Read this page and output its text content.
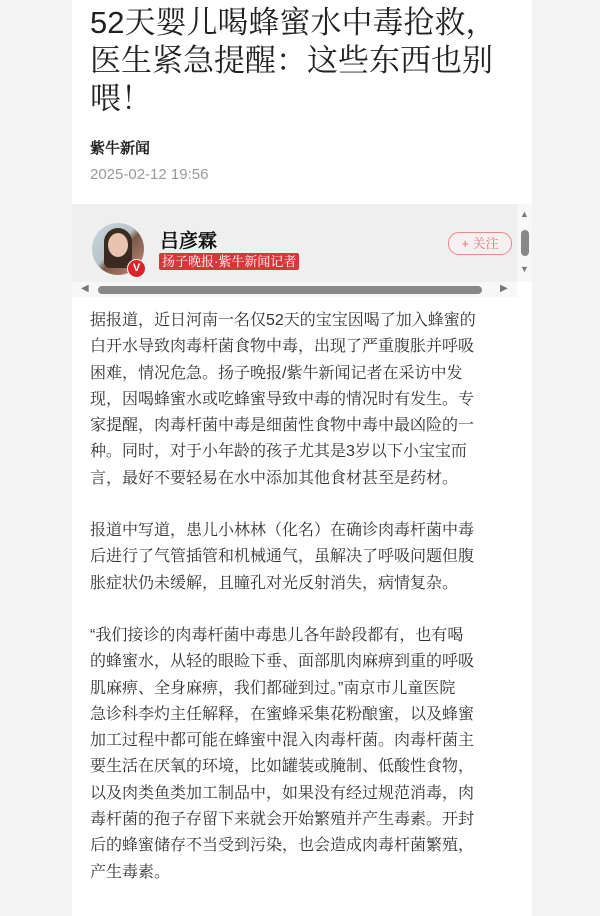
52天婴儿喝蜂蜜水中毒抢救，
医生紧急提醒：这些东西也别
喂！
紫牛新闻
2025-02-12 19:56
V
吕彦霖
扬子晚报·紫牛新闻记者
+ 关注
▲
▼
◀	▶

据报道，近日河南一名仅52天的宝宝因喝了加入蜂蜜的
白开水导致肉毒杆菌食物中毒，出现了严重腹胀并呼吸
困难，情况危急。扬子晚报/紫牛新闻记者在采访中发
现，因喝蜂蜜水或吃蜂蜜导致中毒的情况时有发生。专
家提醒，肉毒杆菌中毒是细菌性食物中毒中最凶险的一
种。同时，对于小年龄的孩子尤其是3岁以下小宝宝而
言，最好不要轻易在水中添加其他食材甚至是药材。

报道中写道，患儿小林林（化名）在确诊肉毒杆菌中毒
后进行了气管插管和机械通气，虽解决了呼吸问题但腹
胀症状仍未缓解，且瞳孔对光反射消失，病情复杂。

“我们接诊的肉毒杆菌中毒患儿各年龄段都有，也有喝
的蜂蜜水，从轻的眼睑下垂、面部肌肉麻痹到重的呼吸
肌麻痹、全身麻痹，我们都碰到过。”南京市儿童医院
急诊科李灼主任解释，在蜜蜂采集花粉酿蜜，以及蜂蜜
加工过程中都可能在蜂蜜中混入肉毒杆菌。肉毒杆菌主
要生活在厌氧的环境，比如罐装或腌制、低酸性食物，
以及肉类鱼类加工制品中，如果没有经过规范消毒，肉
毒杆菌的孢子存留下来就会开始繁殖并产生毒素。开封
后的蜂蜜储存不当受到污染，也会造成肉毒杆菌繁殖，
产生毒素。
